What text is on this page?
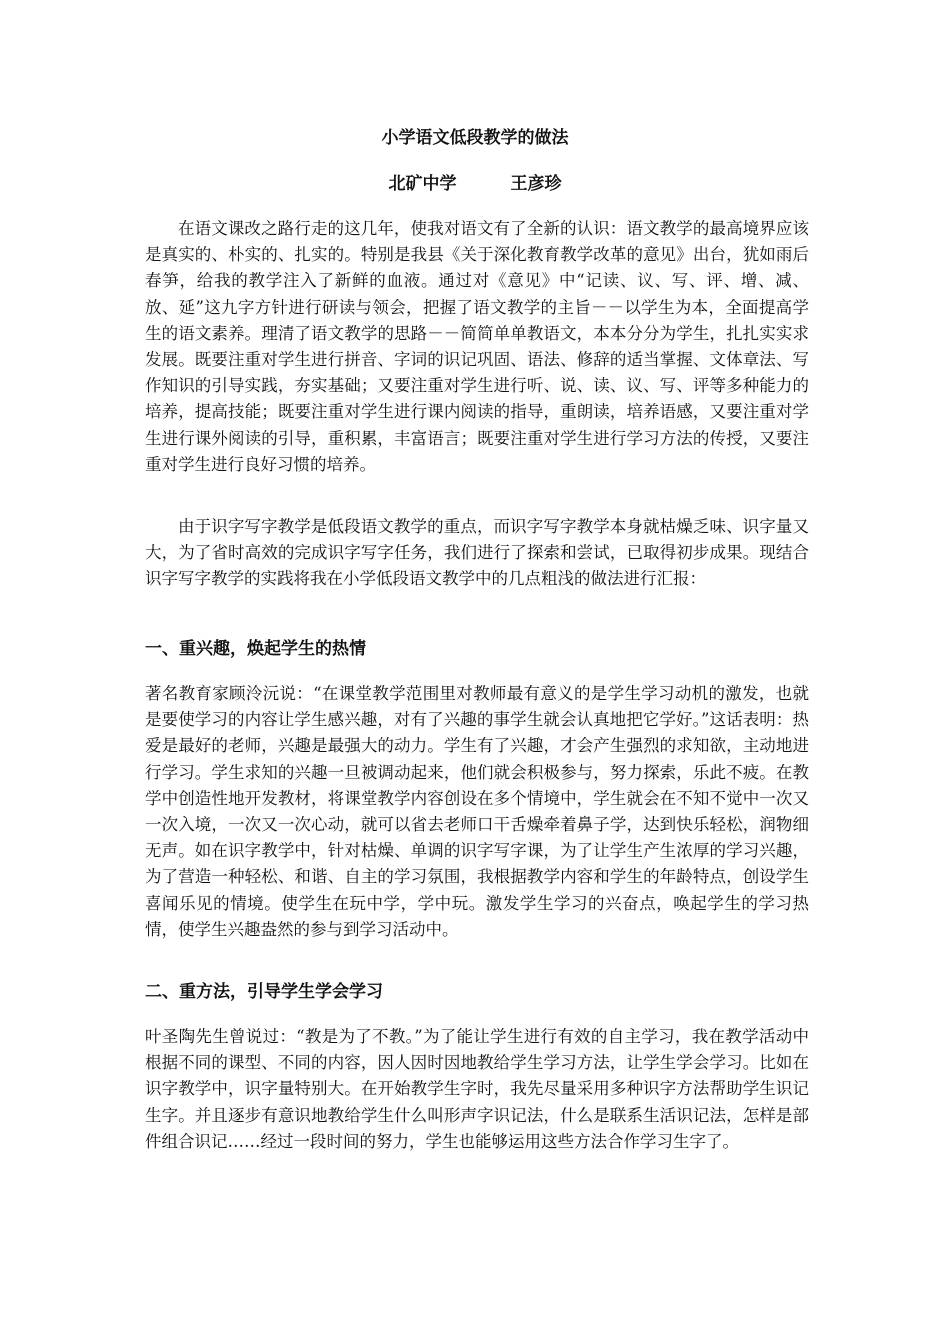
小学语文低段教学的做法
北矿中学	王彦珍
在语文课改之路行走的这几年，使我对语文有了全新的认识：语文教学的最高境界应该是真实的、朴实的、扎实的。特别是我县《关于深化教育教学改革的意见》出台，犹如雨后春笋，给我的教学注入了新鲜的血液。通过对《意见》中“记读、议、写、评、增、减、放、延”这九字方针进行研读与领会，把握了语文教学的主旨－－以学生为本，全面提高学生的语文素养。理清了语文教学的思路－－简简单单教语文，本本分分为学生，扎扎实实求发展。既要注重对学生进行拼音、字词的识记巩固、语法、修辞的适当掌握、文体章法、写作知识的引导实践，夯实基础；又要注重对学生进行听、说、读、议、写、评等多种能力的培养，提高技能；既要注重对学生进行课内阅读的指导，重朗读，培养语感，又要注重对学生进行课外阅读的引导，重积累，丰富语言；既要注重对学生进行学习方法的传授，又要注重对学生进行良好习惯的培养。
由于识字写字教学是低段语文教学的重点，而识字写字教学本身就枯燥乏味、识字量又大，为了省时高效的完成识字写字任务，我们进行了探索和尝试，已取得初步成果。现结合识字写字教学的实践将我在小学低段语文教学中的几点粗浅的做法进行汇报：
一、重兴趣，焕起学生的热情
著名教育家顾泠沅说：“在课堂教学范围里对教师最有意义的是学生学习动机的激发，也就是要使学习的内容让学生感兴趣，对有了兴趣的事学生就会认真地把它学好。”这话表明：热爱是最好的老师，兴趣是最强大的动力。学生有了兴趣，才会产生强烈的求知欲，主动地进行学习。学生求知的兴趣一旦被调动起来，他们就会积极参与，努力探索，乐此不疲。在教学中创造性地开发教材，将课堂教学内容创设在多个情境中，学生就会在不知不觉中一次又一次入境，一次又一次心动，就可以省去老师口干舌燥牵着鼻子学，达到快乐轻松，润物细无声。如在识字教学中，针对枯燥、单调的识字写字课，为了让学生产生浓厚的学习兴趣，为了营造一种轻松、和谐、自主的学习氛围，我根据教学内容和学生的年龄特点，创设学生喜闻乐见的情境。使学生在玩中学，学中玩。激发学生学习的兴奋点，唤起学生的学习热情，使学生兴趣盎然的参与到学习活动中。
二、重方法，引导学生学会学习
叶圣陶先生曾说过：“教是为了不教。”为了能让学生进行有效的自主学习，我在教学活动中根据不同的课型、不同的内容，因人因时因地教给学生学习方法，让学生学会学习。比如在识字教学中，识字量特别大。在开始教学生字时，我先尽量采用多种识字方法帮助学生识记生字。并且逐步有意识地教给学生什么叫形声字识记法，什么是联系生活识记法，怎样是部件组合识记……经过一段时间的努力，学生也能够运用这些方法合作学习生字了。
